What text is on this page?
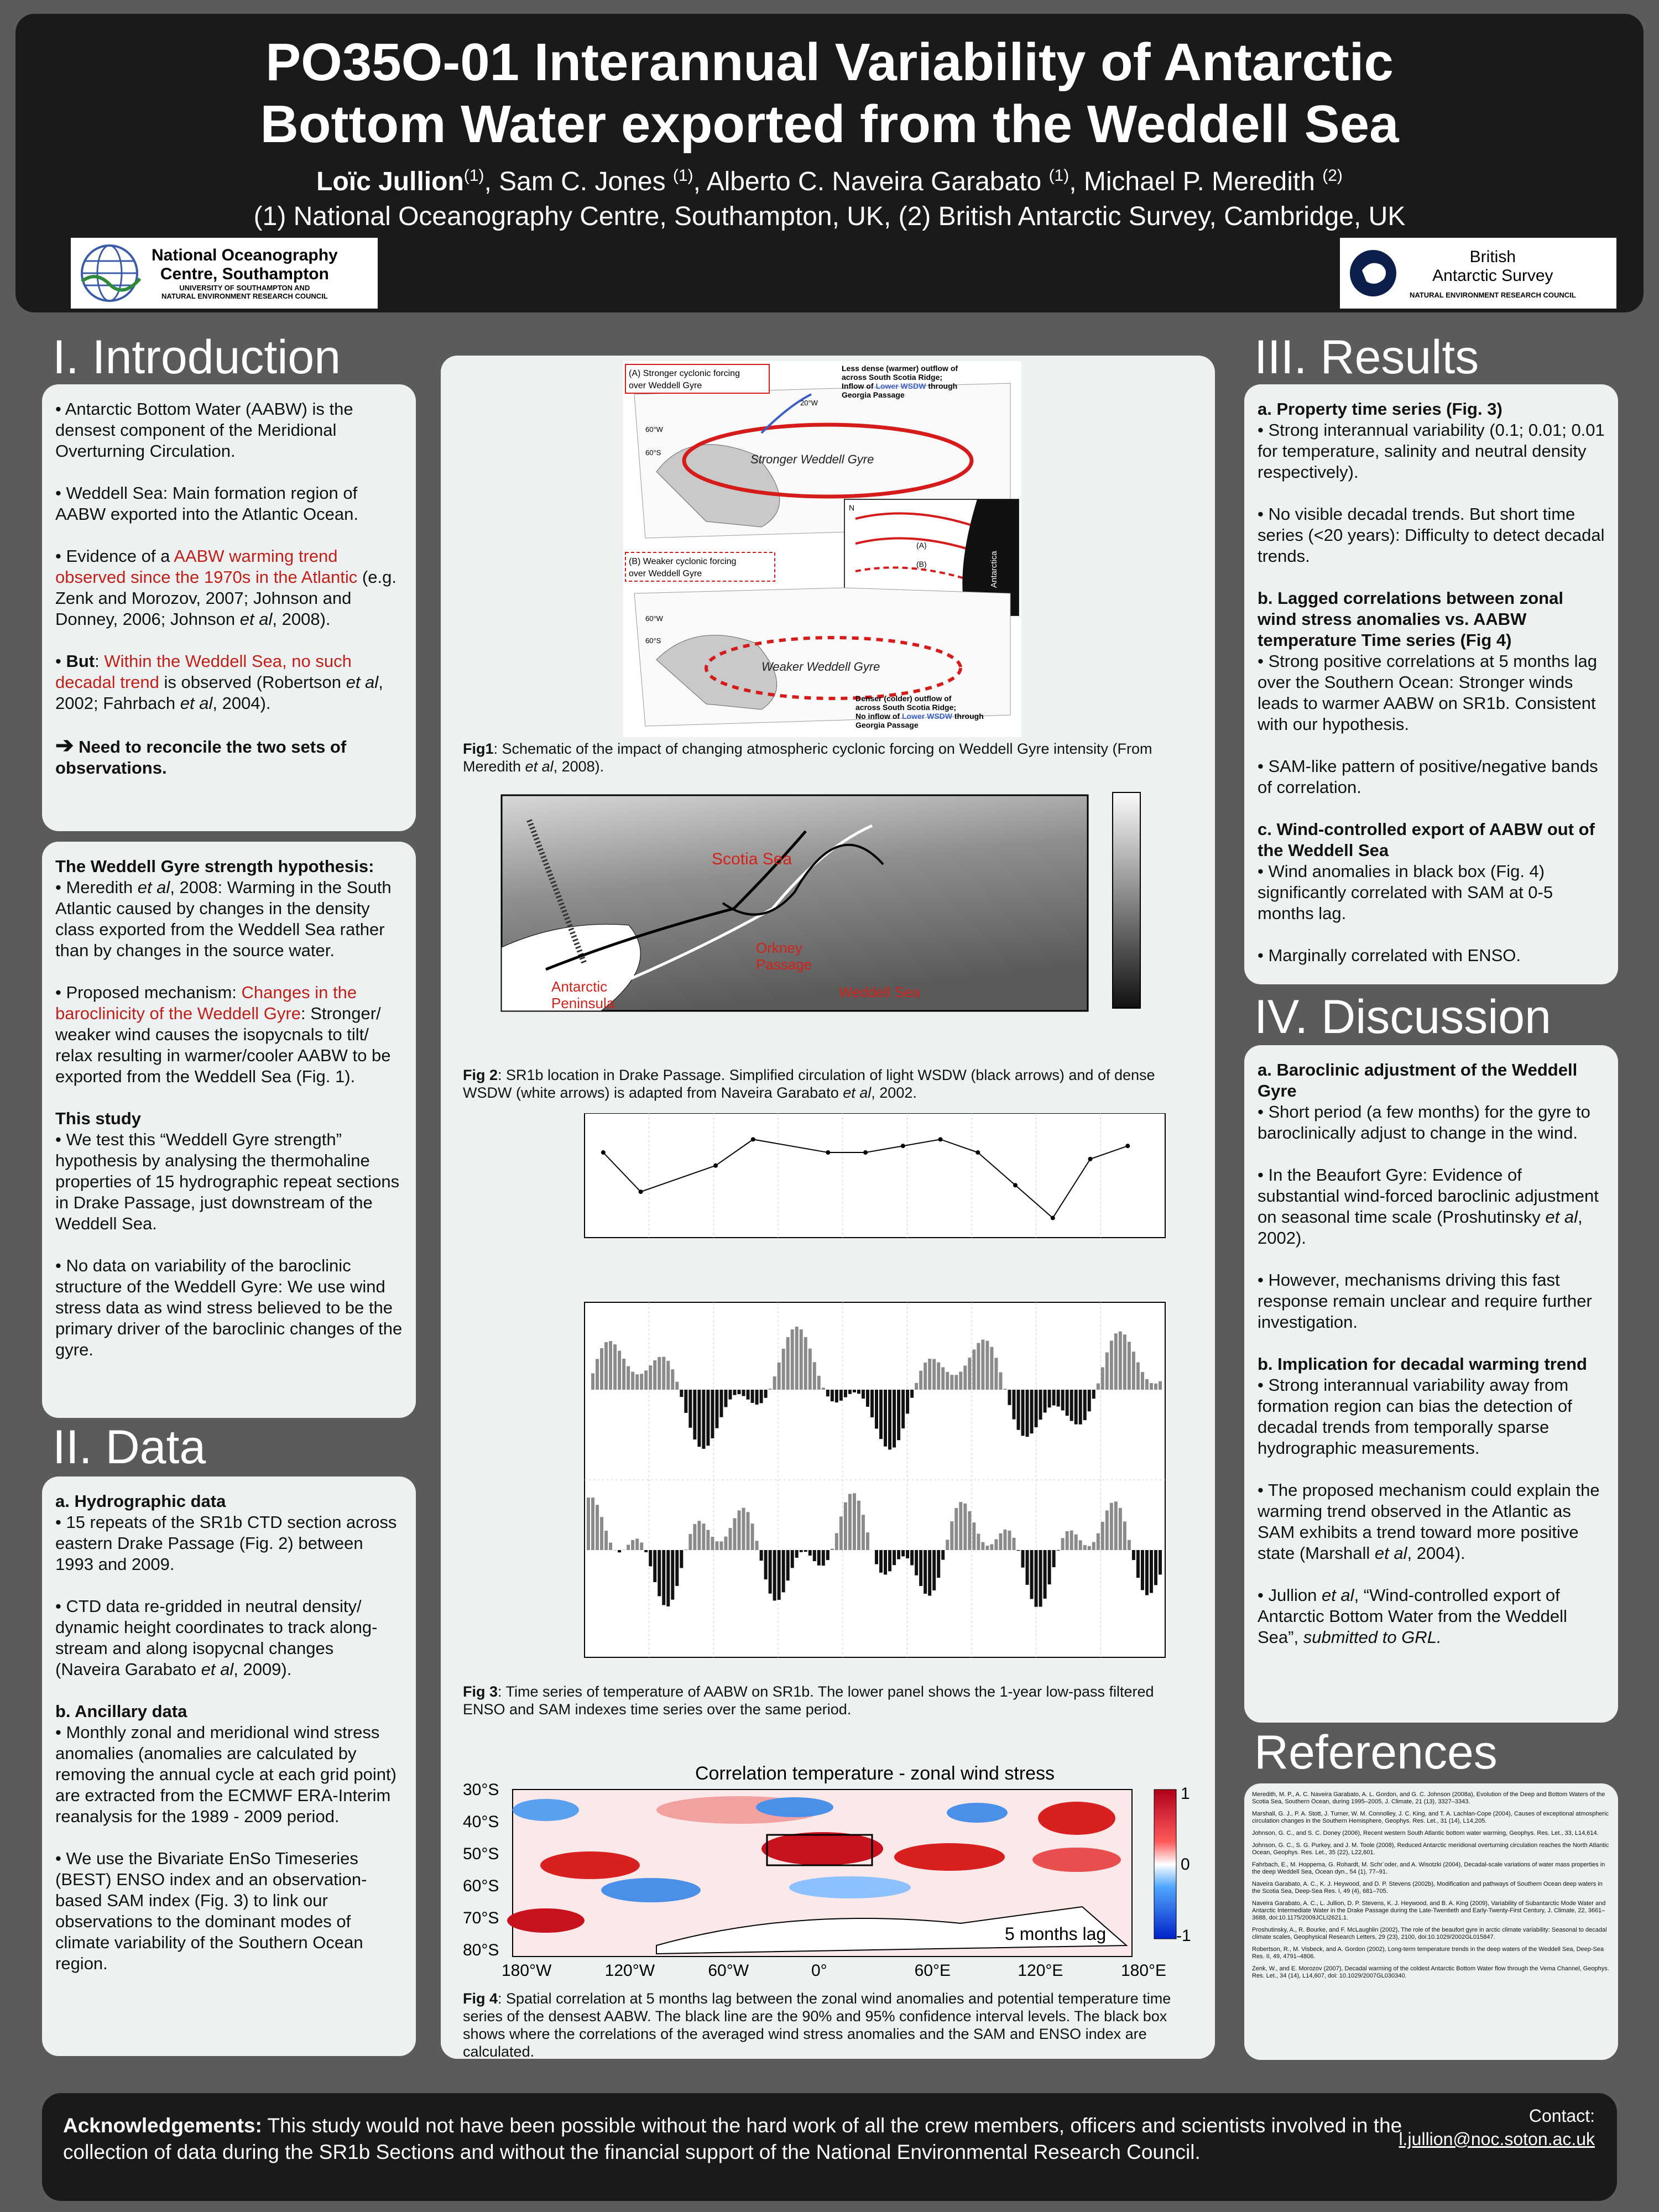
PO35O-01 Interannual Variability of Antarctic
Bottom Water exported from the Weddell Sea
Loïc Jullion$^{(1)}$, Sam C. Jones $^{(1)}$, Alberto C. Naveira Garabato $^{(1)}$, Michael P. Meredith $^{(2)}$
(1) National Oceanography Centre, Southampton, UK, (2) British Antarctic Survey, Cambridge, UK
National Oceanography
Centre, Southampton
UNIVERSITY OF SOUTHAMPTON AND
NATURAL ENVIRONMENT RESEARCH COUNCIL
British
Antarctic Survey
NATURAL ENVIRONMENT RESEARCH COUNCIL
I. Introduction

• Antarctic Bottom Water (AABW) is the densest component of the Meridional Overturning Circulation.

• Weddell Sea: Main formation region of AABW exported into the Atlantic Ocean.

• Evidence of a AABW warming trend observed since the 1970s in the Atlantic (e.g. Zenk and Morozov, 2007; Johnson and Donney, 2006; Johnson et al, 2008).

• But: Within the Weddell Sea, no such decadal trend is observed (Robertson et al, 2002; Fahrbach et al, 2004).

➔ Need to reconcile the two sets of observations.

The Weddell Gyre strength hypothesis:

• Meredith et al, 2008: Warming in the South Atlantic caused by changes in the density class exported from the Weddell Sea rather than by changes in the source water.

• Proposed mechanism: Changes in the baroclinicity of the Weddell Gyre: Stronger/ weaker wind causes the isopycnals to tilt/ relax resulting in warmer/cooler AABW to be exported from the Weddell Sea (Fig. 1).

This study

• We test this “Weddell Gyre strength” hypothesis by analysing the thermohaline properties of 15 hydrographic repeat sections in Drake Passage, just downstream of the Weddell Sea.

• No data on variability of the baroclinic structure of the Weddell Gyre: We use wind stress data as wind stress believed to be the primary driver of the baroclinic changes of the gyre.

II. Data
a. Hydrographic data

• 15 repeats of the SR1b CTD section across eastern Drake Passage (Fig. 2) between 1993 and 2009.

• CTD data re-gridded in neutral density/ dynamic height coordinates to track along-stream and along isopycnal changes (Naveira Garabato et al, 2009).

b. Ancillary data

• Monthly zonal and meridional wind stress anomalies (anomalies are calculated by removing the annual cycle at each grid point) are extracted from the ECMWF ERA-Interim reanalysis for the 1989 - 2009 period.

• We use the Bivariate EnSo Timeseries (BEST) ENSO index and an observation-based SAM index (Fig. 3) to link our observations to the dominant modes of climate variability of the Southern Ocean region.

Stronger Weddell Gyre
(A) Stronger cyclonic forcing
over Weddell Gyre
Less dense (warmer) outflow of
across South Scotia Ridge;
Inflow of Lower WSDW through
Georgia Passage
20°W
60°W
60°S
N
(A)
(B)	Antarctica
Weaker Weddell Gyre
(B) Weaker cyclonic forcing
over Weddell Gyre
60°W
60°S
Denser (colder) outflow of
across South Scotia Ridge;
No inflow of Lower WSDW through
Georgia Passage
Fig1: Schematic of the impact of changing atmospheric cyclonic forcing on Weddell Gyre intensity (From Meredith et al, 2008).
Scotia Sea
Orkney
Passage
Antarctic
Peninsula
Weddell Sea
Fig 2: SR1b location in Drake Passage. Simplified circulation of light WSDW (black arrows) and of dense WSDW (white arrows) is adapted from Naveira Garabato et al, 2002.
Fig 3: Time series of temperature of AABW on SR1b. The lower panel shows the 1-year low-pass filtered ENSO and SAM indexes time series over the same period.
Correlation temperature - zonal wind stress
5 months lag
1
0
-1
180°W	120°W	60°W	0°	60°E	120°E	180°E
30°S
40°S
50°S
60°S
70°S
80°S
Fig 4: Spatial correlation at 5 months lag between the zonal wind anomalies and potential temperature time series of the densest AABW. The black line are the 90% and 95% confidence interval levels. The black box shows where the correlations of the averaged wind stress anomalies and the SAM and ENSO index are calculated.
III. Results
a. Property time series (Fig. 3)

• Strong interannual variability (0.1; 0.01; 0.01 for temperature, salinity and neutral density respectively).

• No visible decadal trends. But short time series (<20 years): Difficulty to detect decadal trends.

b. Lagged correlations between zonal wind stress anomalies vs. AABW temperature Time series (Fig 4)

• Strong positive correlations at 5 months lag over the Southern Ocean: Stronger winds leads to warmer AABW on SR1b. Consistent with our hypothesis.

• SAM-like pattern of positive/negative bands of correlation.

c. Wind-controlled export of AABW out of the Weddell Sea

• Wind anomalies in black box (Fig. 4) significantly correlated with SAM at 0-5 months lag.

• Marginally correlated with ENSO.

IV. Discussion
a. Baroclinic adjustment of the Weddell Gyre

• Short period (a few months) for the gyre to baroclinically adjust to change in the wind.

• In the Beaufort Gyre: Evidence of substantial wind-forced baroclinic adjustment on seasonal time scale (Proshutinsky et al, 2002).

• However, mechanisms driving this fast response remain unclear and require further investigation.

b. Implication for decadal warming trend

• Strong interannual variability away from formation region can bias the detection of decadal trends from temporally sparse hydrographic measurements.

• The proposed mechanism could explain the warming trend observed in the Atlantic as SAM exhibits a trend toward more positive state (Marshall et al, 2004).

• Jullion et al, “Wind-controlled export of Antarctic Bottom Water from the Weddell Sea”, submitted to GRL.

References
Meredith, M. P., A. C. Naveira Garabato, A. L. Gordon, and G. C. Johnson (2008a), Evolution of the Deep and Bottom Waters of the Scotia Sea, Southern Ocean, during 1995–2005, J. Climate, 21 (13), 3327–3343.
Marshall, G. J., P. A. Stott, J. Turner, W. M. Connolley, J. C. King, and T. A. Lachlan-Cope (2004), Causes of exceptional atmospheric circulation changes in the Southern Hemisphere, Geophys. Res. Let., 31 (14), L14,205.
Johnson, G. C., and S. C. Doney (2006), Recent western South Atlantic bottom water warming, Geophys. Res. Let., 33, L14,614.
Johnson, G. C., S. G. Purkey, and J. M. Toole (2008), Reduced Antarctic meridional overturning circulation reaches the North Atlantic Ocean, Geophys. Res. Let., 35 (22), L22,601.
Fahrbach, E., M. Hoppema, G. Rohardt, M. Schr¨oder, and A. Wisotzki (2004), Decadal-scale variations of water mass properties in the deep Weddell Sea, Ocean dyn., 54 (1), 77–91.
Naveira Garabato, A. C., K. J. Heywood, and D. P. Stevens (2002b), Modification and pathways of Southern Ocean deep waters in the Scotia Sea, Deep-Sea Res. I, 49 (4), 681–705.
Naveira Garabato, A. C., L. Jullion, D. P. Stevens, K. J. Heywood, and B. A. King (2009), Variability of Subantarctic Mode Water and Antarctic Intermediate Water in the Drake Passage during the Late-Twentieth and Early-Twenty-First Century, J. Climate, 22, 3661–3688, doi:10.1175/2009JCLI2621.1.
Proshutinsky, A., R. Bourke, and F. McLaughlin (2002), The role of the beaufort gyre in arctic climate variability: Seasonal to decadal climate scales, Geophysical Research Letters, 29 (23), 2100, doi:10.1029/2002GL015847.
Robertson, R., M. Visbeck, and A. Gordon (2002), Long-term temperature trends in the deep waters of the Weddell Sea, Deep-Sea Res. II, 49, 4791–4806.
Zenk, W., and E. Morozov (2007), Decadal warming of the coldest Antarctic Bottom Water flow through the Vema Channel, Geophys. Res. Let., 34 (14), L14,607, doi: 10.1029/2007GL030340.
Acknowledgements: This study would not have been possible without the hard work of all the crew members, officers and scientists involved in the collection of data during the SR1b Sections and without the financial support of the National Environmental Research Council.
Contact:
l.jullion@noc.soton.ac.uk
